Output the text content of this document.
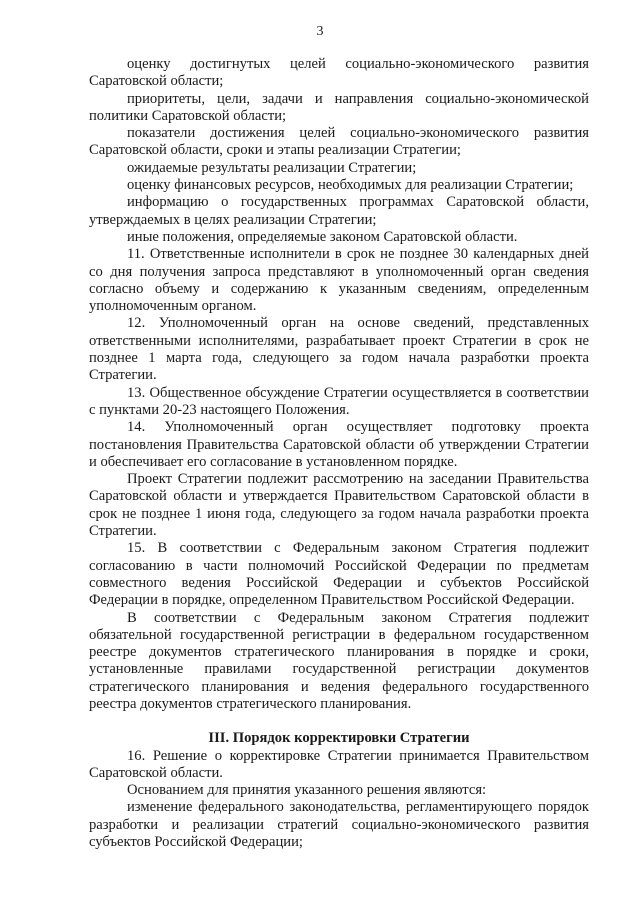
3

оценку достигнутых целей социально-экономического развития Саратовской области;

приоритеты, цели, задачи и направления социально-экономической политики Саратовской области;

показатели достижения целей социально-экономического развития Саратовской области, сроки и этапы реализации Стратегии;

ожидаемые результаты реализации Стратегии;

оценку финансовых ресурсов, необходимых для реализации Стратегии;

информацию о государственных программах Саратовской области, утверждаемых в целях реализации Стратегии;

иные положения, определяемые законом Саратовской области.

11. Ответственные исполнители в срок не позднее 30 календарных дней со дня получения запроса представляют в уполномоченный орган сведения согласно объему и содержанию к указанным сведениям, определенным уполномоченным органом.

12. Уполномоченный орган на основе сведений, представленных ответственными исполнителями, разрабатывает проект Стратегии в срок не позднее 1 марта года, следующего за годом начала разработки проекта Стратегии.

13. Общественное обсуждение Стратегии осуществляется в соответствии с пунктами 20-23 настоящего Положения.

14. Уполномоченный орган осуществляет подготовку проекта постановления Правительства Саратовской области об утверждении Стратегии и обеспечивает его согласование в установленном порядке.

Проект Стратегии подлежит рассмотрению на заседании Правительства Саратовской области и утверждается Правительством Саратовской области в срок не позднее 1 июня года, следующего за годом начала разработки проекта Стратегии.

15. В соответствии с Федеральным законом Стратегия подлежит согласованию в части полномочий Российской Федерации по предметам совместного ведения Российской Федерации и субъектов Российской Федерации в порядке, определенном Правительством Российской Федерации.

В соответствии с Федеральным законом Стратегия подлежит обязательной государственной регистрации в федеральном государственном реестре документов стратегического планирования в порядке и сроки, установленные правилами государственной регистрации документов стратегического планирования и ведения федерального государственного реестра документов стратегического планирования.

III. Порядок корректировки Стратегии

16. Решение о корректировке Стратегии принимается Правительством Саратовской области.

Основанием для принятия указанного решения являются:

изменение федерального законодательства, регламентирующего порядок разработки и реализации стратегий социально-экономического развития субъектов Российской Федерации;
